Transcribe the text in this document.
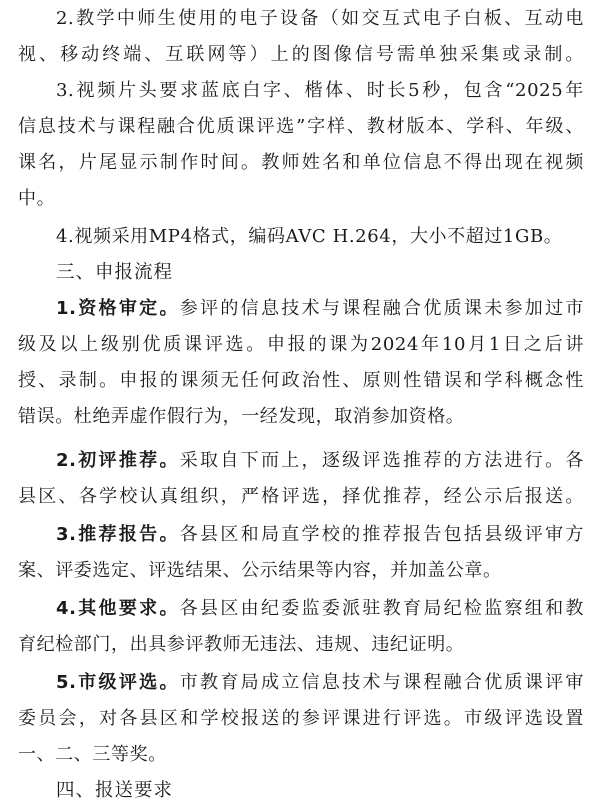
2.教学中师生使用的电子设备（如交互式电子白板、互动电
视、移动终端、互联网等）上的图像信号需单独采集或录制。
3.视频片头要求蓝底白字、楷体、时长5秒，包含“2025年
信息技术与课程融合优质课评选”字样、教材版本、学科、年级、
课名，片尾显示制作时间。教师姓名和单位信息不得出现在视频
中。
4.视频采用MP4格式，编码AVC H.264，大小不超过1GB。
三、申报流程
1.资格审定。参评的信息技术与课程融合优质课未参加过市
级及以上级别优质课评选。申报的课为2024年10月1日之后讲
授、录制。申报的课须无任何政治性、原则性错误和学科概念性
错误。杜绝弄虚作假行为，一经发现，取消参加资格。
2.初评推荐。采取自下而上，逐级评选推荐的方法进行。各
县区、各学校认真组织，严格评选，择优推荐，经公示后报送。
3.推荐报告。各县区和局直学校的推荐报告包括县级评审方
案、评委选定、评选结果、公示结果等内容，并加盖公章。
4.其他要求。各县区由纪委监委派驻教育局纪检监察组和教
育纪检部门，出具参评教师无违法、违规、违纪证明。
5.市级评选。市教育局成立信息技术与课程融合优质课评审
委员会，对各县区和学校报送的参评课进行评选。市级评选设置
一、二、三等奖。
四、报送要求
